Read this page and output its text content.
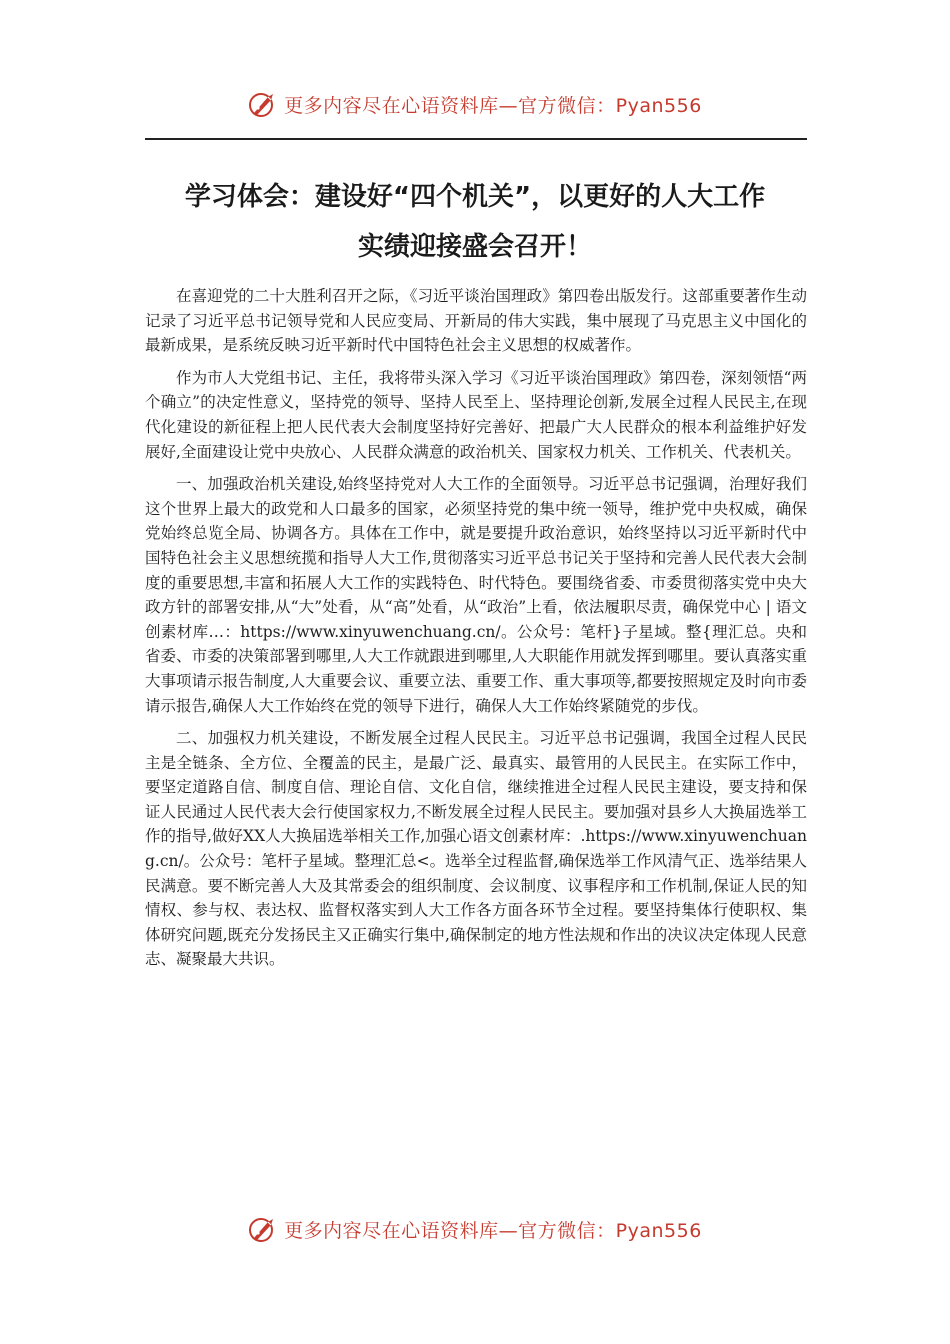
更多内容尽在心语资料库—官方微信：Pyan556
学习体会：建设好“四个机关”，以更好的人大工作
实绩迎接盛会召开！

在喜迎党的二十大胜利召开之际，《习近平谈治国理政》第四卷出版发行。这部重要著作生动记录了习近平总书记领导党和人民应变局、开新局的伟大实践，集中展现了马克思主义中国化的最新成果，是系统反映习近平新时代中国特色社会主义思想的权威著作。

作为市人大党组书记、主任，我将带头深入学习《习近平谈治国理政》第四卷，深刻领悟“两个确立”的决定性意义，坚持党的领导、坚持人民至上、坚持理论创新,发展全过程人民民主,在现代化建设的新征程上把人民代表大会制度坚持好完善好、把最广大人民群众的根本利益维护好发展好,全面建设让党中央放心、人民群众满意的政治机关、国家权力机关、工作机关、代表机关。

一、加强政治机关建设,始终坚持党对人大工作的全面领导。习近平总书记强调，治理好我们这个世界上最大的政党和人口最多的国家，必须坚持党的集中统一领导，维护党中央权威，确保党始终总览全局、协调各方。具体在工作中，就是要提升政治意识，始终坚持以习近平新时代中国特色社会主义思想统揽和指导人大工作,贯彻落实习近平总书记关于坚持和完善人民代表大会制度的重要思想,丰富和拓展人大工作的实践特色、时代特色。要围绕省委、市委贯彻落实党中央大政方针的部署安排,从“大”处看，从“高”处看，从“政治”上看，依法履职尽责，确保党中心 | 语文创素材库…：https://www.xinyuwenchuang.cn/。公众号：笔杆}子星域。整{理汇总。央和省委、市委的决策部署到哪里,人大工作就跟进到哪里,人大职能作用就发挥到哪里。要认真落实重大事项请示报告制度,人大重要会议、重要立法、重要工作、重大事项等,都要按照规定及时向市委请示报告,确保人大工作始终在党的领导下进行，确保人大工作始终紧随党的步伐。

二、加强权力机关建设，不断发展全过程人民民主。习近平总书记强调，我国全过程人民民主是全链条、全方位、全覆盖的民主，是最广泛、最真实、最管用的人民民主。在实际工作中，要坚定道路自信、制度自信、理论自信、文化自信，继续推进全过程人民民主建设，要支持和保证人民通过人民代表大会行使国家权力,不断发展全过程人民民主。要加强对县乡人大换届选举工作的指导,做好XX人大换届选举相关工作,加强心语文创素材库：.https://www.xinyuwenchuang.cn/。公众号：笔杆子星域。整理汇总<。选举全过程监督,确保选举工作风清气正、选举结果人民满意。要不断完善人大及其常委会的组织制度、会议制度、议事程序和工作机制,保证人民的知情权、参与权、表达权、监督权落实到人大工作各方面各环节全过程。要坚持集体行使职权、集体研究问题,既充分发扬民主又正确实行集中,确保制定的地方性法规和作出的决议决定体现人民意志、凝聚最大共识。

更多内容尽在心语资料库—官方微信：Pyan556
